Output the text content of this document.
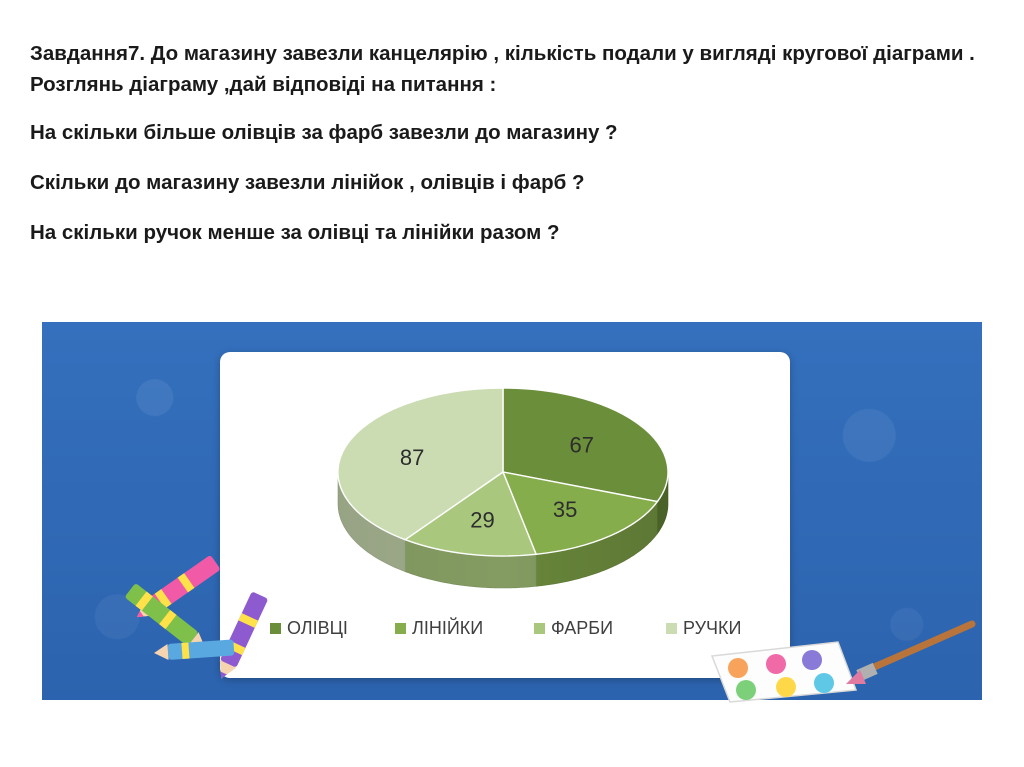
Завдання7. До магазину завезли канцелярію , кількість подали у вигляді кругової діаграми . Розглянь діаграму ,дай відповіді на питання :

На скільки більше олівців за фарб завезли до магазину ?

Скільки до магазину завезли лінійок , олівців і фарб ?

На скільки ручок менше за олівці та лінійки разом ?

67
35
29
87
ОЛІВЦІ	ЛІНІЙКИ	ФАРБИ	РУЧКИ
